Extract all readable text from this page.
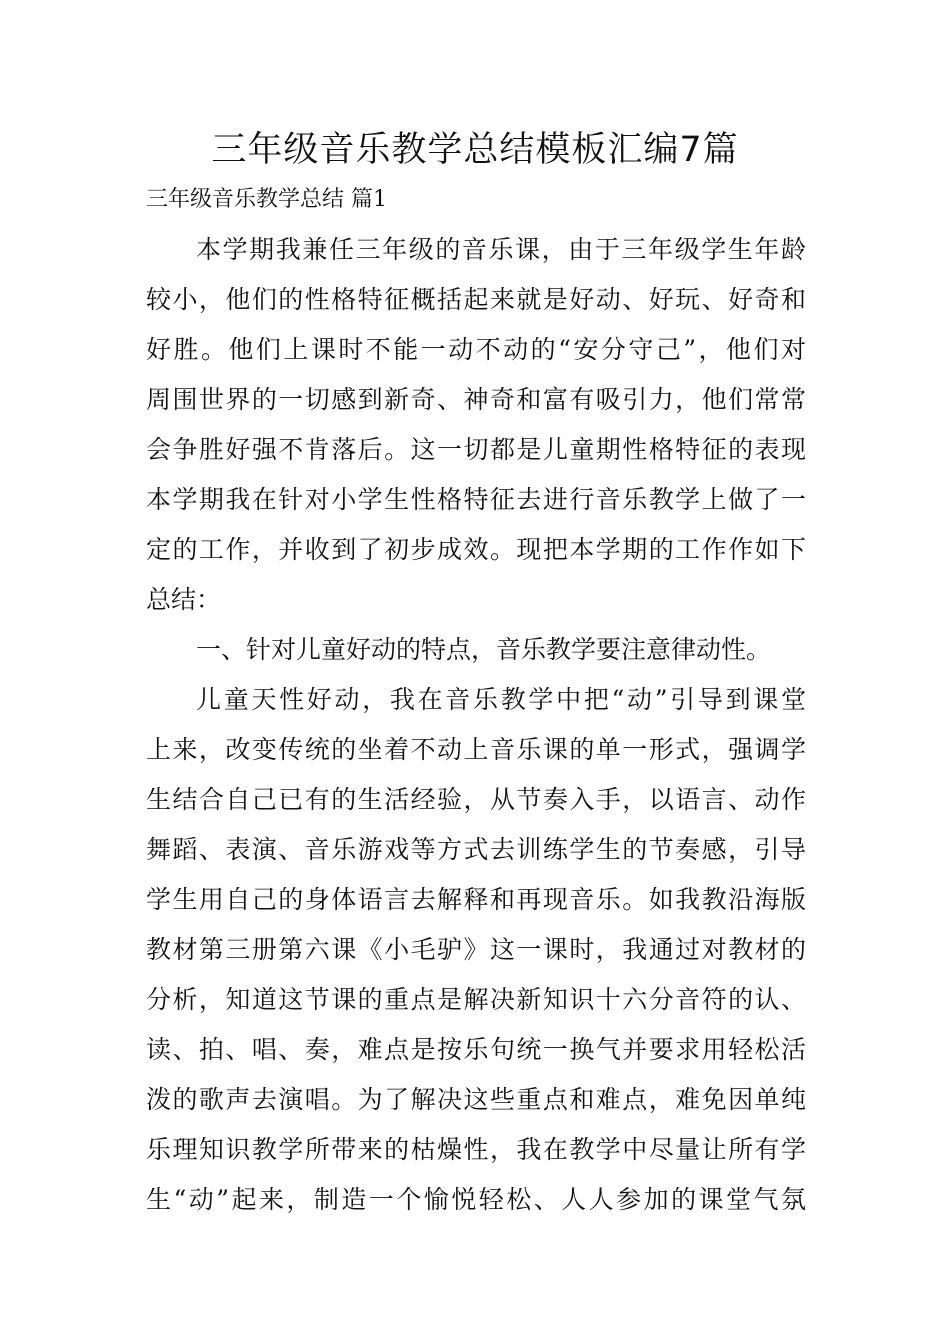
三年级音乐教学总结模板汇编7篇
三年级音乐教学总结 篇1
本学期我兼任三年级的音乐课，由于三年级学生年龄
较小，他们的性格特征概括起来就是好动、好玩、好奇和
好胜。他们上课时不能一动不动的“安分守己”，他们对
周围世界的一切感到新奇、神奇和富有吸引力，他们常常
会争胜好强不肯落后。这一切都是儿童期性格特征的表现
本学期我在针对小学生性格特征去进行音乐教学上做了一
定的工作，并收到了初步成效。现把本学期的工作作如下
总结：
一、针对儿童好动的特点，音乐教学要注意律动性。
儿童天性好动，我在音乐教学中把“动”引导到课堂
上来，改变传统的坐着不动上音乐课的单一形式，强调学
生结合自己已有的生活经验，从节奏入手，以语言、动作
舞蹈、表演、音乐游戏等方式去训练学生的节奏感，引导
学生用自己的身体语言去解释和再现音乐。如我教沿海版
教材第三册第六课《小毛驴》这一课时，我通过对教材的
分析，知道这节课的重点是解决新知识十六分音符的认、
读、拍、唱、奏，难点是按乐句统一换气并要求用轻松活
泼的歌声去演唱。为了解决这些重点和难点，难免因单纯
乐理知识教学所带来的枯燥性，我在教学中尽量让所有学
生“动”起来，制造一个愉悦轻松、人人参加的课堂气氛
